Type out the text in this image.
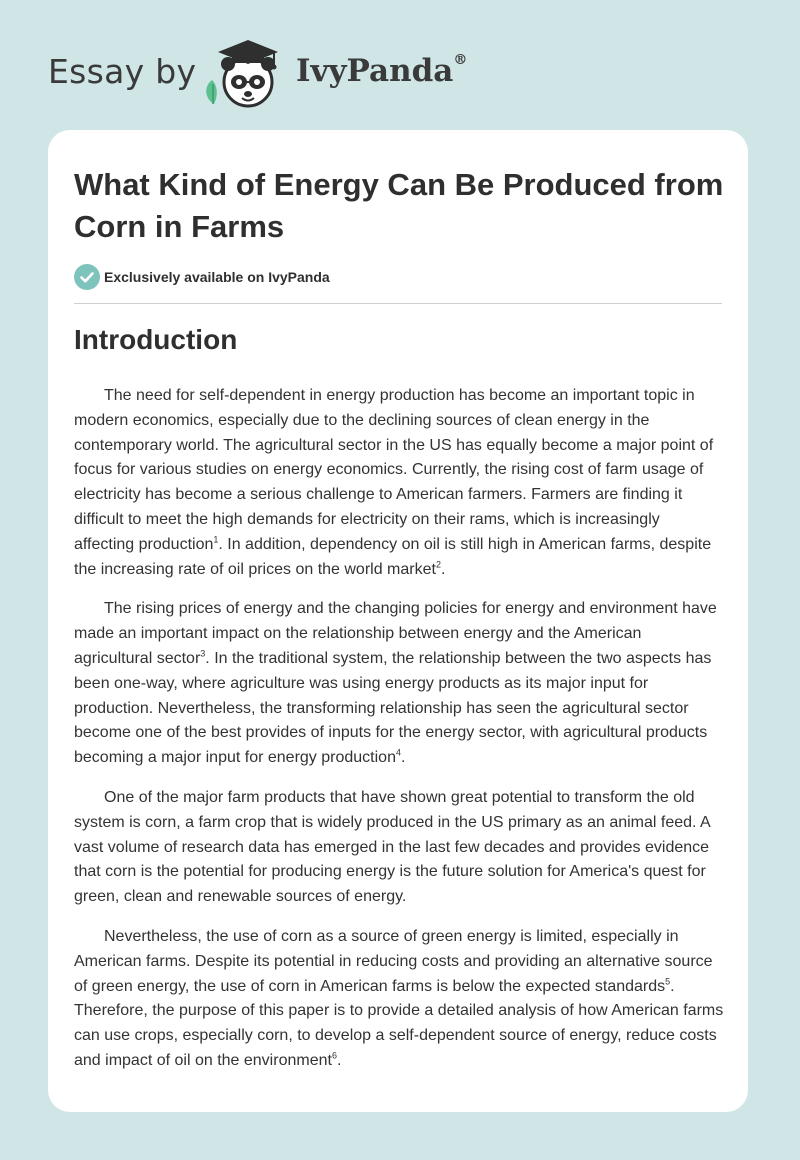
Essay by	IvyPanda®
What Kind of Energy Can Be Produced from Corn in Farms
Exclusively available on IvyPanda
Introduction

The need for self-dependent in energy production has become an important topic in modern economics, especially due to the declining sources of clean energy in the contemporary world. The agricultural sector in the US has equally become a major point of focus for various studies on energy economics. Currently, the rising cost of farm usage of electricity has become a serious challenge to American farmers. Farmers are finding it difficult to meet the high demands for electricity on their rams, which is increasingly affecting production$^1$. In addition, dependency on oil is still high in American farms, despite the increasing rate of oil prices on the world market$^2$.

The rising prices of energy and the changing policies for energy and environment have made an important impact on the relationship between energy and the American agricultural sector$^3$. In the traditional system, the relationship between the two aspects has been one-way, where agriculture was using energy products as its major input for production. Nevertheless, the transforming relationship has seen the agricultural sector become one of the best provides of inputs for the energy sector, with agricultural products becoming a major input for energy production$^4$.

One of the major farm products that have shown great potential to transform the old system is corn, a farm crop that is widely produced in the US primary as an animal feed. A vast volume of research data has emerged in the last few decades and provides evidence that corn is the potential for producing energy is the future solution for America's quest for green, clean and renewable sources of energy.

Nevertheless, the use of corn as a source of green energy is limited, especially in American farms. Despite its potential in reducing costs and providing an alternative source of green energy, the use of corn in American farms is below the expected standards$^5$. Therefore, the purpose of this paper is to provide a detailed analysis of how American farms can use crops, especially corn, to develop a self-dependent source of energy, reduce costs and impact of oil on the environment$^6$.
